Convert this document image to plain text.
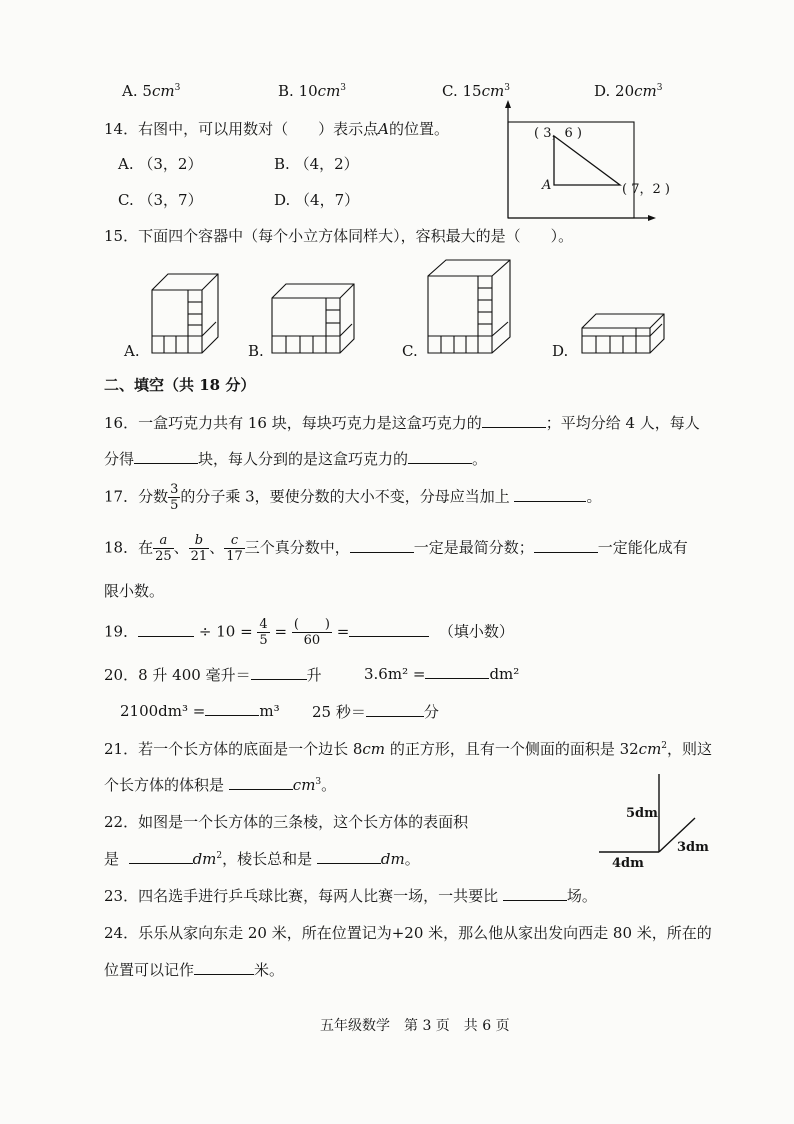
A. $5cm^3$	B. $10cm^3$	C. $15cm^3$	D. $20cm^3$
14．右图中，可以用数对（　　）表示点A的位置。
A. （3，2）	B. （4，2）
C. （3，7）	D. （4，7）
( 3，6 )
A	( 7，2 )
15．下面四个容器中（每个小立方体同样大），容积最大的是（　　）。
A.	B.	C.	D.
二、填空（共 18 分）
16．一盒巧克力共有 16 块，每块巧克力是这盒巧克力的	；平均分给 4 人，每人
分得	块，每人分到的是这盒巧克力的	。
17．分数 $\frac{3}{5}$ 的分子乘 3，要使分数的大小不变，分母应当加上	。
18．在 $\frac{a}{25}$ 、 $\frac{b}{21}$ 、 $\frac{c}{17}$ 三个真分数中，	一定是最简分数；	一定能化成有
限小数。
19．	÷ $10 = \frac{4}{5} = \frac{( )}{60}$ =	（填小数）
20．8 升 400 毫升＝	升	3.6m² =	dm²
2100dm³ =	m³ 25 秒＝	分
21．若一个长方体的底面是一个边长 8cm 的正方形，且有一个侧面的面积是 $32cm^2$，则这
个长方体的体积是	$cm^3$。
22．如图是一个长方体的三条棱，这个长方体的表面积
是	$dm^2$，棱长总和是	dm。
5dm
3dm
4dm
23．四名选手进行乒乓球比赛，每两人比赛一场，一共要比	场。
24．乐乐从家向东走 20 米，所在位置记为+20 米，那么他从家出发向西走 80 米，所在的
位置可以记作	米。
五年级数学　第 3 页　共 6 页
